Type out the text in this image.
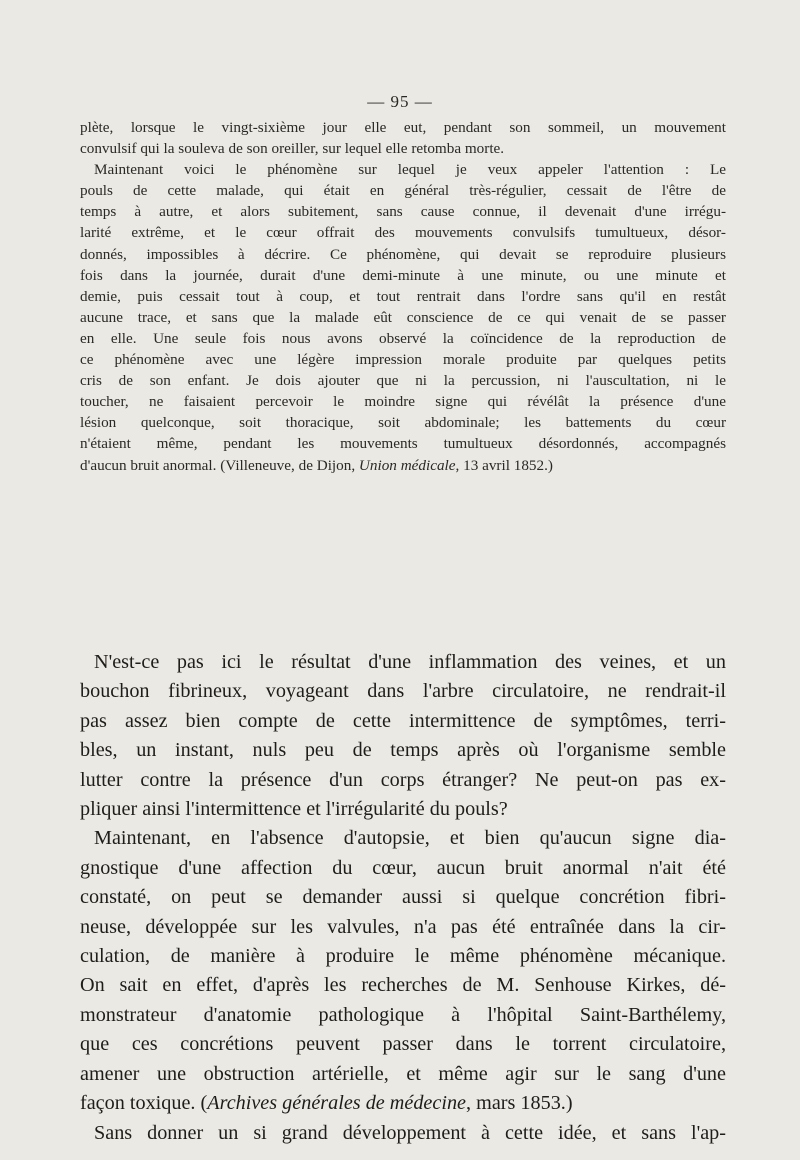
— 95 —
plète, lorsque le vingt-sixième jour elle eut, pendant son sommeil, un mouvement
convulsif qui la souleva de son oreiller, sur lequel elle retomba morte.
Maintenant voici le phénomène sur lequel je veux appeler l'attention : Le
pouls de cette malade, qui était en général très-régulier, cessait de l'être de
temps à autre, et alors subitement, sans cause connue, il devenait d'une irrégu-
larité extrême, et le cœur offrait des mouvements convulsifs tumultueux, désor-
donnés, impossibles à décrire. Ce phénomène, qui devait se reproduire plusieurs
fois dans la journée, durait d'une demi-minute à une minute, ou une minute et
demie, puis cessait tout à coup, et tout rentrait dans l'ordre sans qu'il en restât
aucune trace, et sans que la malade eût conscience de ce qui venait de se passer
en elle. Une seule fois nous avons observé la coïncidence de la reproduction de
ce phénomène avec une légère impression morale produite par quelques petits
cris de son enfant. Je dois ajouter que ni la percussion, ni l'auscultation, ni le
toucher, ne faisaient percevoir le moindre signe qui révélât la présence d'une
lésion quelconque, soit thoracique, soit abdominale; les battements du cœur
n'étaient même, pendant les mouvements tumultueux désordonnés, accompagnés
d'aucun bruit anormal. (Villeneuve, de Dijon, Union médicale, 13 avril 1852.)
N'est-ce pas ici le résultat d'une inflammation des veines, et un
bouchon fibrineux, voyageant dans l'arbre circulatoire, ne rendrait-il
pas assez bien compte de cette intermittence de symptômes, terri-
bles, un instant, nuls peu de temps après où l'organisme semble
lutter contre la présence d'un corps étranger? Ne peut-on pas ex-
pliquer ainsi l'intermittence et l'irrégularité du pouls?
Maintenant, en l'absence d'autopsie, et bien qu'aucun signe dia-
gnostique d'une affection du cœur, aucun bruit anormal n'ait été
constaté, on peut se demander aussi si quelque concrétion fibri-
neuse, développée sur les valvules, n'a pas été entraînée dans la cir-
culation, de manière à produire le même phénomène mécanique.
On sait en effet, d'après les recherches de M. Senhouse Kirkes, dé-
monstrateur d'anatomie pathologique à l'hôpital Saint-Barthélemy,
que ces concrétions peuvent passer dans le torrent circulatoire,
amener une obstruction artérielle, et même agir sur le sang d'une
façon toxique. (Archives générales de médecine, mars 1853.)
Sans donner un si grand développement à cette idée, et sans l'ap-
